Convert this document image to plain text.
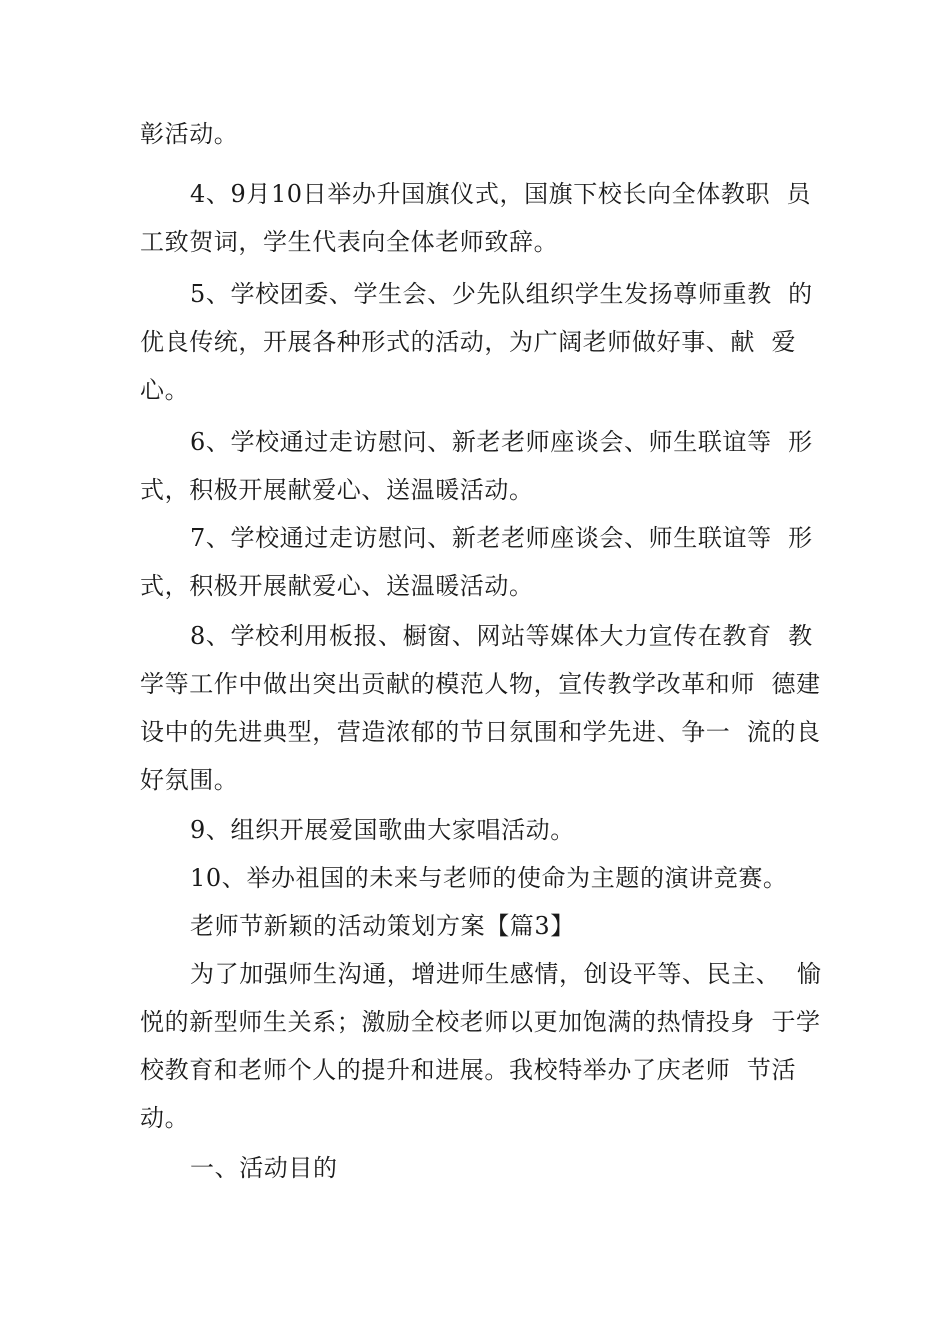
彰活动。
4、9月10日举办升国旗仪式，国旗下校长向全体教职  员
工致贺词，学生代表向全体老师致辞。
5、学校团委、学生会、少先队组织学生发扬尊师重教  的
优良传统，开展各种形式的活动，为广阔老师做好事、献  爱
心。
6、学校通过走访慰问、新老老师座谈会、师生联谊等  形
式，积极开展献爱心、送温暖活动。
7、学校通过走访慰问、新老老师座谈会、师生联谊等  形
式，积极开展献爱心、送温暖活动。
8、学校利用板报、橱窗、网站等媒体大力宣传在教育  教
学等工作中做出突出贡献的模范人物，宣传教学改革和师  德建
设中的先进典型，营造浓郁的节日氛围和学先进、争一  流的良
好氛围。
9、组织开展爱国歌曲大家唱活动。
10、举办祖国的未来与老师的使命为主题的演讲竞赛。
老师节新颖的活动策划方案【篇3】
为了加强师生沟通，增进师生感情，创设平等、民主、  愉
悦的新型师生关系；激励全校老师以更加饱满的热情投身  于学
校教育和老师个人的提升和进展。我校特举办了庆老师  节活
动。
一、活动目的
